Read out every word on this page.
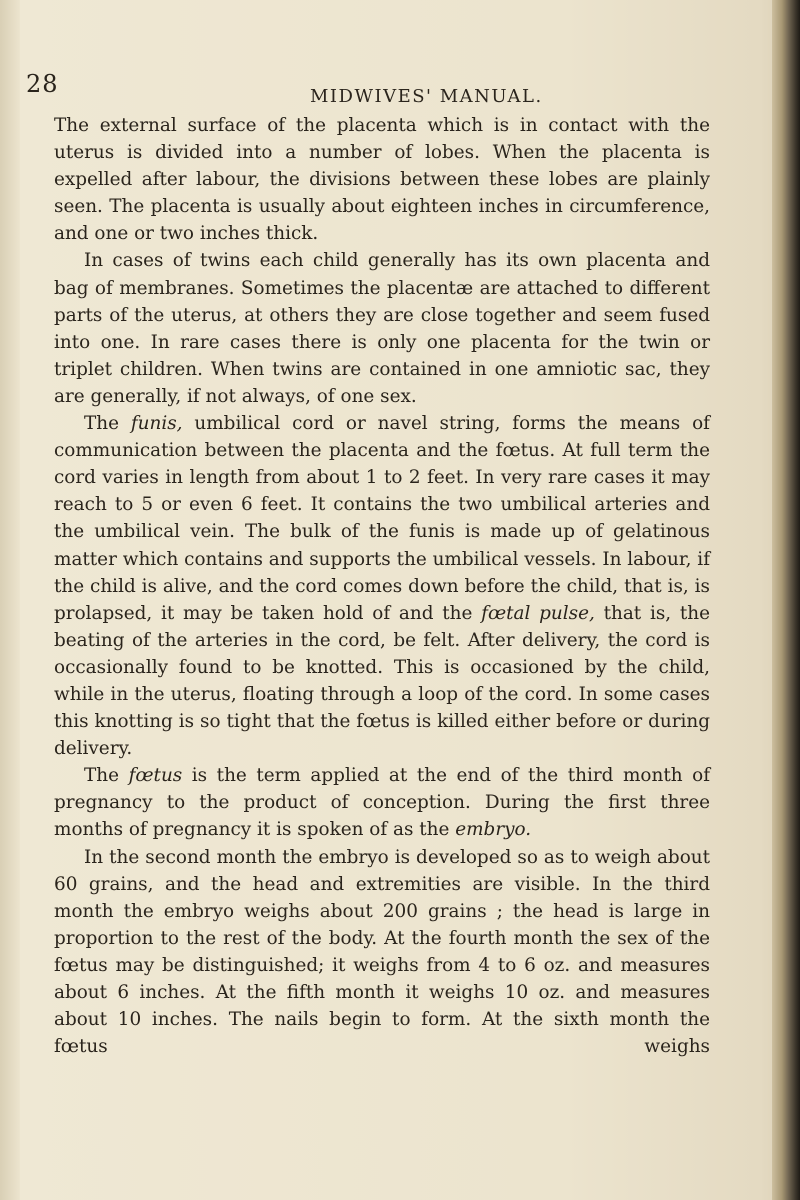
28	MIDWIVES' MANUAL.

The external surface of the placenta which is in contact with the uterus is divided into a number of lobes. When the placenta is expelled after labour, the divisions between these lobes are plainly seen. The placenta is usually about eighteen inches in circumference, and one or two inches thick.

In cases of twins each child generally has its own placenta and bag of membranes. Sometimes the placentæ are attached to different parts of the uterus, at others they are close together and seem fused into one. In rare cases there is only one placenta for the twin or triplet children. When twins are contained in one amniotic sac, they are generally, if not always, of one sex.

The funis, umbilical cord or navel string, forms the means of communication between the placenta and the fœtus. At full term the cord varies in length from about 1 to 2 feet. In very rare cases it may reach to 5 or even 6 feet. It contains the two umbilical arteries and the umbilical vein. The bulk of the funis is made up of gelatinous matter which contains and supports the umbilical vessels. In labour, if the child is alive, and the cord comes down before the child, that is, is prolapsed, it may be taken hold of and the fœtal pulse, that is, the beating of the arteries in the cord, be felt. After delivery, the cord is occasionally found to be knotted. This is occasioned by the child, while in the uterus, floating through a loop of the cord. In some cases this knotting is so tight that the fœtus is killed either before or during delivery.

The fœtus is the term applied at the end of the third month of pregnancy to the product of conception. During the first three months of pregnancy it is spoken of as the embryo.

In the second month the embryo is developed so as to weigh about 60 grains, and the head and extremities are visible. In the third month the embryo weighs about 200 grains ; the head is large in proportion to the rest of the body. At the fourth month the sex of the fœtus may be distinguished; it weighs from 4 to 6 oz. and measures about 6 inches. At the fifth month it weighs 10 oz. and measures about 10 inches. The nails begin to form. At the sixth month the fœtus weighs
